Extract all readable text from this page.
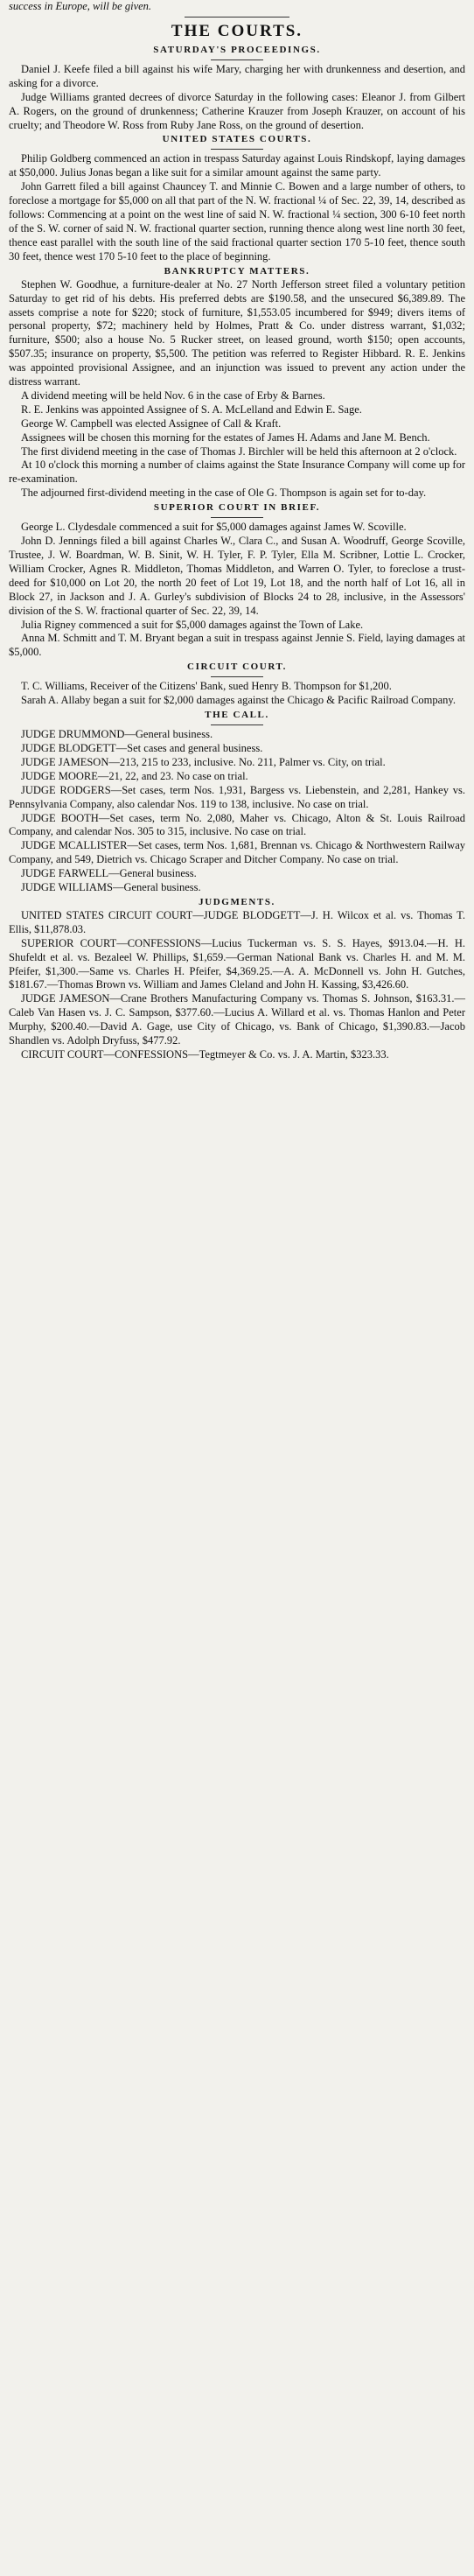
success in Europe, will be given.

THE COURTS.

SATURDAY'S PROCEEDINGS.

Daniel J. Keefe filed a bill against his wife Mary, charging her with drunkenness and desertion, and asking for a divorce.

Judge Williams granted decrees of divorce Saturday in the following cases: Eleanor J. from Gilbert A. Rogers, on the ground of drunkenness; Catherine Krauzer from Joseph Krauzer, on account of his cruelty; and Theodore W. Ross from Ruby Jane Ross, on the ground of desertion.

UNITED STATES COURTS.

Philip Goldberg commenced an action in trespass Saturday against Louis Rindskopf, laying damages at $50,000. Julius Jonas began a like suit for a similar amount against the same party.

John Garrett filed a bill against Chauncey T. and Minnie C. Bowen and a large number of others, to foreclose a mortgage for $5,000 on all that part of the N. W. fractional ¼ of Sec. 22, 39, 14, described as follows: Commencing at a point on the west line of said N. W. fractional ¼ section, 300 6-10 feet north of the S. W. corner of said N. W. fractional quarter section, running thence along west line north 30 feet, thence east parallel with the south line of the said fractional quarter section 170 5-10 feet, thence south 30 feet, thence west 170 5-10 feet to the place of beginning.

BANKRUPTCY MATTERS.

Stephen W. Goodhue, a furniture-dealer at No. 27 North Jefferson street filed a voluntary petition Saturday to get rid of his debts. His preferred debts are $190.58, and the unsecured $6,389.89. The assets comprise a note for $220; stock of furniture, $1,553.05 incumbered for $949; divers items of personal property, $72; machinery held by Holmes, Pratt & Co. under distress warrant, $1,032; furniture, $500; also a house No. 5 Rucker street, on leased ground, worth $150; open accounts, $507.35; insurance on property, $5,500. The petition was referred to Register Hibbard. R. E. Jenkins was appointed provisional Assignee, and an injunction was issued to prevent any action under the distress warrant.

A dividend meeting will be held Nov. 6 in the case of Erby & Barnes.

R. E. Jenkins was appointed Assignee of S. A. McLelland and Edwin E. Sage.

George W. Campbell was elected Assignee of Call & Kraft.

Assignees will be chosen this morning for the estates of James H. Adams and Jane M. Bench.

The first dividend meeting in the case of Thomas J. Birchler will be held this afternoon at 2 o'clock.

At 10 o'clock this morning a number of claims against the State Insurance Company will come up for re-examination.

The adjourned first-dividend meeting in the case of Ole G. Thompson is again set for to-day.

SUPERIOR COURT IN BRIEF.

George L. Clydesdale commenced a suit for $5,000 damages against James W. Scoville.

John D. Jennings filed a bill against Charles W., Clara C., and Susan A. Woodruff, George Scoville, Trustee, J. W. Boardman, W. B. Sinit, W. H. Tyler, F. P. Tyler, Ella M. Scribner, Lottie L. Crocker, William Crocker, Agnes R. Middleton, Thomas Middleton, and Warren O. Tyler, to foreclose a trust-deed for $10,000 on Lot 20, the north 20 feet of Lot 19, Lot 18, and the north half of Lot 16, all in Block 27, in Jackson and J. A. Gurley's subdivision of Blocks 24 to 28, inclusive, in the Assessors' division of the S. W. fractional quarter of Sec. 22, 39, 14.

Julia Rigney commenced a suit for $5,000 damages against the Town of Lake.

Anna M. Schmitt and T. M. Bryant began a suit in trespass against Jennie S. Field, laying damages at $5,000.

CIRCUIT COURT.

T. C. Williams, Receiver of the Citizens' Bank, sued Henry B. Thompson for $1,200.

Sarah A. Allaby began a suit for $2,000 damages against the Chicago & Pacific Railroad Company.

THE CALL.

JUDGE DRUMMOND—General business.

JUDGE BLODGETT—Set cases and general business.

JUDGE JAMESON—213, 215 to 233, inclusive. No. 211, Palmer vs. City, on trial.

JUDGE MOORE—21, 22, and 23. No case on trial.

JUDGE RODGERS—Set cases, term Nos. 1,931, Bargess vs. Liebenstein, and 2,281, Hankey vs. Pennsylvania Company, also calendar Nos. 119 to 138, inclusive. No case on trial.

JUDGE BOOTH—Set cases, term No. 2,080, Maher vs. Chicago, Alton & St. Louis Railroad Company, and calendar Nos. 305 to 315, inclusive. No case on trial.

JUDGE MCALLISTER—Set cases, term Nos. 1,681, Brennan vs. Chicago & Northwestern Railway Company, and 549, Dietrich vs. Chicago Scraper and Ditcher Company. No case on trial.

JUDGE FARWELL—General business.

JUDGE WILLIAMS—General business.

JUDGMENTS.

UNITED STATES CIRCUIT COURT—JUDGE BLODGETT—J. H. Wilcox et al. vs. Thomas T. Ellis, $11,878.03.

SUPERIOR COURT—CONFESSIONS—Lucius Tuckerman vs. S. S. Hayes, $913.04.—H. H. Shufeldt et al. vs. Bezaleel W. Phillips, $1,659.—German National Bank vs. Charles H. and M. M. Pfeifer, $1,300.—Same vs. Charles H. Pfeifer, $4,369.25.—A. A. McDonnell vs. John H. Gutches, $181.67.—Thomas Brown vs. William and James Cleland and John H. Kassing, $3,426.60.

JUDGE JAMESON—Crane Brothers Manufacturing Company vs. Thomas S. Johnson, $163.31.—Caleb Van Hasen vs. J. C. Sampson, $377.60.—Lucius A. Willard et al. vs. Thomas Hanlon and Peter Murphy, $200.40.—David A. Gage, use City of Chicago, vs. Bank of Chicago, $1,390.83.—Jacob Shandlen vs. Adolph Dryfuss, $477.92.

CIRCUIT COURT—CONFESSIONS—Tegtmeyer & Co. vs. J. A. Martin, $323.33.
